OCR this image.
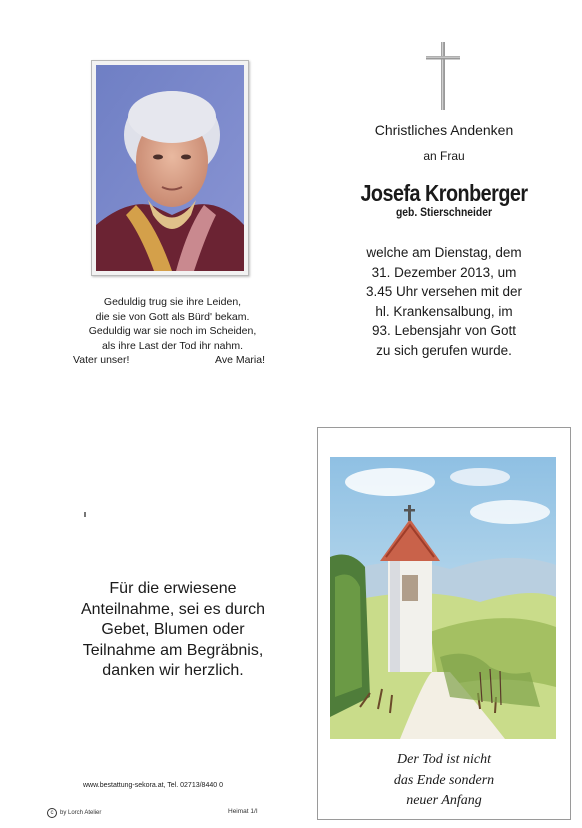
Geduldig trug sie ihre Leiden,
die sie von Gott als Bürd' bekam.
Geduldig war sie noch im Scheiden,
als ihre Last der Tod ihr nahm.
Vater unser!	Ave Maria!
Christliches Andenken
an Frau
Josefa Kronberger
geb. Stierschneider
welche am Dienstag, dem
31. Dezember 2013, um
3.45 Uhr versehen mit der
hl. Krankensalbung, im
93. Lebensjahr von Gott
zu sich gerufen wurde.
Für die erwiesene
Anteilnahme, sei es durch
Gebet, Blumen oder
Teilnahme am Begräbnis,
danken wir herzlich.
www.bestattung-sekora.at, Tel. 02713/8440 0
c	by Lorch Atelier	Heimat 1/I
Der Tod ist nicht
das Ende sondern
neuer Anfang
